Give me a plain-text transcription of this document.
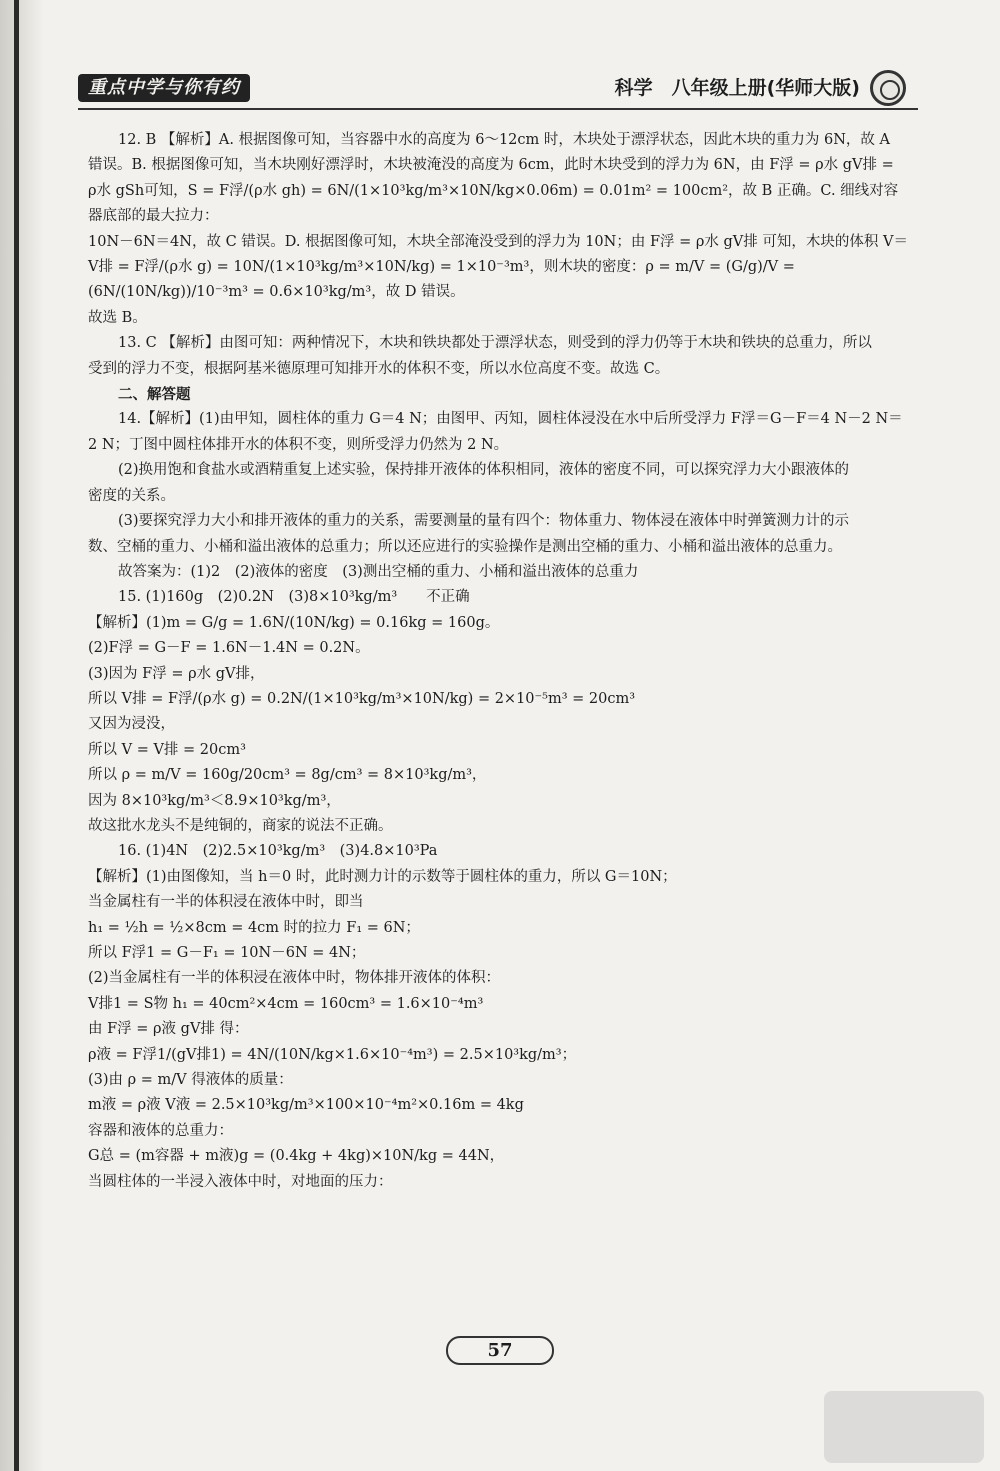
重点中学与你有约	科学　八年级上册(华师大版)

12. B 【解析】A. 根据图像可知，当容器中水的高度为 6～12cm 时，木块处于漂浮状态，因此木块的重力为 6N，故 A

错误。B. 根据图像可知，当木块刚好漂浮时，木块被淹没的高度为 6cm，此时木块受到的浮力为 6N，由 F浮 = ρ水 gV排 =

ρ水 gSh可知，S = F浮/(ρ水 gh) = 6N/(1×10³kg/m³×10N/kg×0.06m) = 0.01m² = 100cm²，故 B 正确。C. 细线对容器底部的最大拉力：

10N－6N＝4N，故 C 错误。D. 根据图像可知，木块全部淹没受到的浮力为 10N；由 F浮 = ρ水 gV排 可知，木块的体积 V＝

V排 = F浮/(ρ水 g) = 10N/(1×10³kg/m³×10N/kg) = 1×10⁻³m³，则木块的密度：ρ = m/V = (G/g)/V = (6N/(10N/kg))/10⁻³m³ = 0.6×10³kg/m³，故 D 错误。

故选 B。

13. C 【解析】由图可知：两种情况下，木块和铁块都处于漂浮状态，则受到的浮力仍等于木块和铁块的总重力，所以

受到的浮力不变，根据阿基米德原理可知排开水的体积不变，所以水位高度不变。故选 C。

二、解答题

14.【解析】(1)由甲知，圆柱体的重力 G＝4 N；由图甲、丙知，圆柱体浸没在水中后所受浮力 F浮＝G－F＝4 N－2 N＝

2 N；丁图中圆柱体排开水的体积不变，则所受浮力仍然为 2 N。

(2)换用饱和食盐水或酒精重复上述实验，保持排开液体的体积相同，液体的密度不同，可以探究浮力大小跟液体的

密度的关系。

(3)要探究浮力大小和排开液体的重力的关系，需要测量的量有四个：物体重力、物体浸在液体中时弹簧测力计的示

数、空桶的重力、小桶和溢出液体的总重力；所以还应进行的实验操作是测出空桶的重力、小桶和溢出液体的总重力。

故答案为：(1)2　(2)液体的密度　(3)测出空桶的重力、小桶和溢出液体的总重力

15. (1)160g　(2)0.2N　(3)8×10³kg/m³　　不正确

【解析】(1)m = G/g = 1.6N/(10N/kg) = 0.16kg = 160g。

(2)F浮 = G－F = 1.6N－1.4N = 0.2N。

(3)因为 F浮 = ρ水 gV排，

所以 V排 = F浮/(ρ水 g) = 0.2N/(1×10³kg/m³×10N/kg) = 2×10⁻⁵m³ = 20cm³

又因为浸没，

所以 V = V排 = 20cm³

所以 ρ = m/V = 160g/20cm³ = 8g/cm³ = 8×10³kg/m³，

因为 8×10³kg/m³＜8.9×10³kg/m³，

故这批水龙头不是纯铜的，商家的说法不正确。

16. (1)4N　(2)2.5×10³kg/m³　(3)4.8×10³Pa

【解析】(1)由图像知，当 h＝0 时，此时测力计的示数等于圆柱体的重力，所以 G＝10N；

当金属柱有一半的体积浸在液体中时，即当

h₁ = ½h = ½×8cm = 4cm 时的拉力 F₁ = 6N；

所以 F浮1 = G－F₁ = 10N－6N = 4N；

(2)当金属柱有一半的体积浸在液体中时，物体排开液体的体积：

V排1 = S物 h₁ = 40cm²×4cm = 160cm³ = 1.6×10⁻⁴m³

由 F浮 = ρ液 gV排 得：

ρ液 = F浮1/(gV排1) = 4N/(10N/kg×1.6×10⁻⁴m³) = 2.5×10³kg/m³；

(3)由 ρ = m/V 得液体的质量：

m液 = ρ液 V液 = 2.5×10³kg/m³×100×10⁻⁴m²×0.16m = 4kg

容器和液体的总重力：

G总 = (m容器 + m液)g = (0.4kg + 4kg)×10N/kg = 44N，

当圆柱体的一半浸入液体中时，对地面的压力：

57
